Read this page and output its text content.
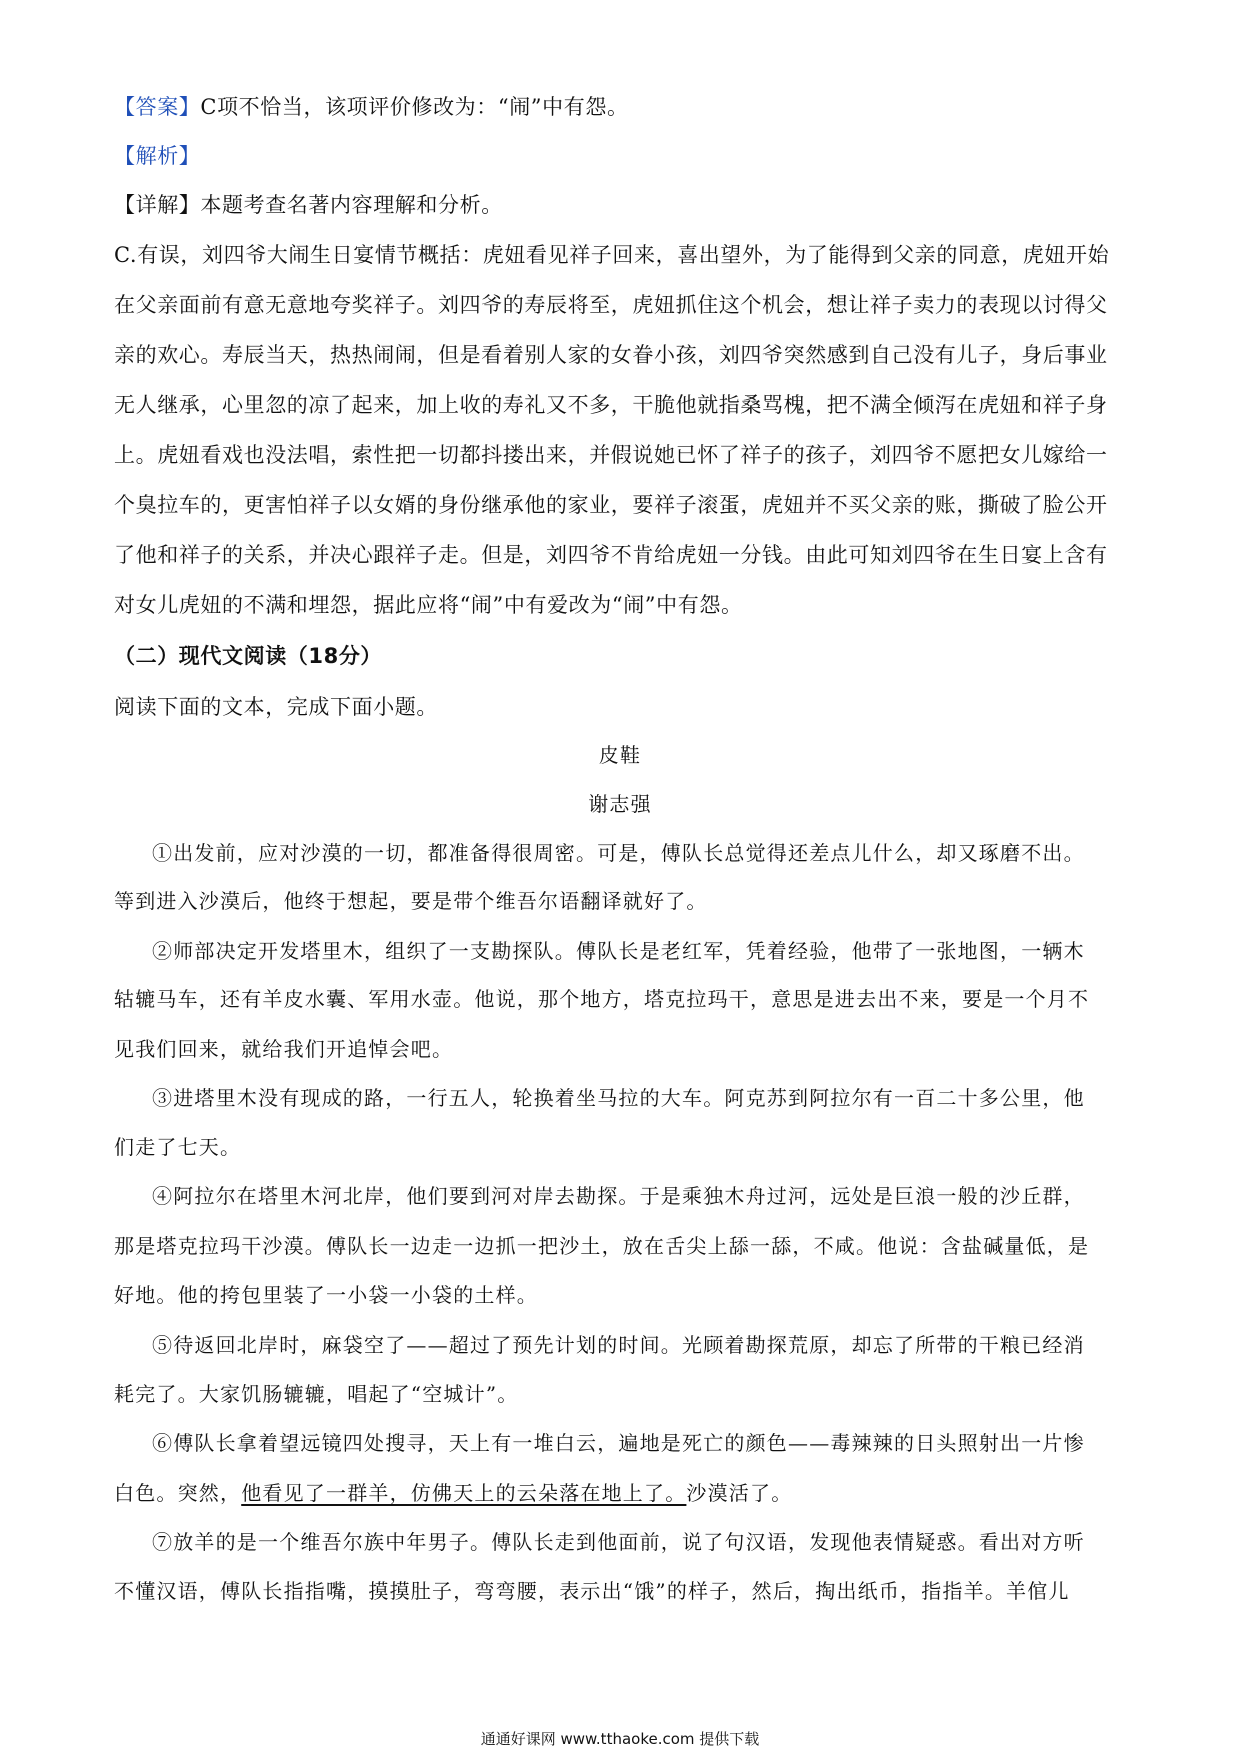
【答案】C项不恰当，该项评价修改为：“闹”中有怨。
【解析】
【详解】本题考查名著内容理解和分析。
C.有误，刘四爷大闹生日宴情节概括：虎妞看见祥子回来，喜出望外，为了能得到父亲的同意，虎妞开始
在父亲面前有意无意地夸奖祥子。刘四爷的寿辰将至，虎妞抓住这个机会，想让祥子卖力的表现以讨得父
亲的欢心。寿辰当天，热热闹闹，但是看着别人家的女眷小孩，刘四爷突然感到自己没有儿子，身后事业
无人继承，心里忽的凉了起来，加上收的寿礼又不多，干脆他就指桑骂槐，把不满全倾泻在虎妞和祥子身
上。虎妞看戏也没法唱，索性把一切都抖搂出来，并假说她已怀了祥子的孩子，刘四爷不愿把女儿嫁给一
个臭拉车的，更害怕祥子以女婿的身份继承他的家业，要祥子滚蛋，虎妞并不买父亲的账，撕破了脸公开
了他和祥子的关系，并决心跟祥子走。但是，刘四爷不肯给虎妞一分钱。由此可知刘四爷在生日宴上含有
对女儿虎妞的不满和埋怨，据此应将“闹”中有爱改为“闹”中有怨。
（二）现代文阅读（18分）
阅读下面的文本，完成下面小题。
皮鞋
谢志强
①出发前，应对沙漠的一切，都准备得很周密。可是，傅队长总觉得还差点儿什么，却又琢磨不出。
等到进入沙漠后，他终于想起，要是带个维吾尔语翻译就好了。
②师部决定开发塔里木，组织了一支勘探队。傅队长是老红军，凭着经验，他带了一张地图，一辆木
轱辘马车，还有羊皮水囊、军用水壶。他说，那个地方，塔克拉玛干，意思是进去出不来，要是一个月不
见我们回来，就给我们开追悼会吧。
③进塔里木没有现成的路，一行五人，轮换着坐马拉的大车。阿克苏到阿拉尔有一百二十多公里，他
们走了七天。
④阿拉尔在塔里木河北岸，他们要到河对岸去勘探。于是乘独木舟过河，远处是巨浪一般的沙丘群，
那是塔克拉玛干沙漠。傅队长一边走一边抓一把沙土，放在舌尖上舔一舔，不咸。他说：含盐碱量低，是
好地。他的挎包里装了一小袋一小袋的土样。
⑤待返回北岸时，麻袋空了——超过了预先计划的时间。光顾着勘探荒原，却忘了所带的干粮已经消
耗完了。大家饥肠辘辘，唱起了“空城计”。
⑥傅队长拿着望远镜四处搜寻，天上有一堆白云，遍地是死亡的颜色——毒辣辣的日头照射出一片惨
白色。突然，他看见了一群羊，仿佛天上的云朵落在地上了。沙漠活了。
⑦放羊的是一个维吾尔族中年男子。傅队长走到他面前，说了句汉语，发现他表情疑惑。看出对方听
不懂汉语，傅队长指指嘴，摸摸肚子，弯弯腰，表示出“饿”的样子，然后，掏出纸币，指指羊。羊倌儿
通通好课网 www.tthaoke.com 提供下载
